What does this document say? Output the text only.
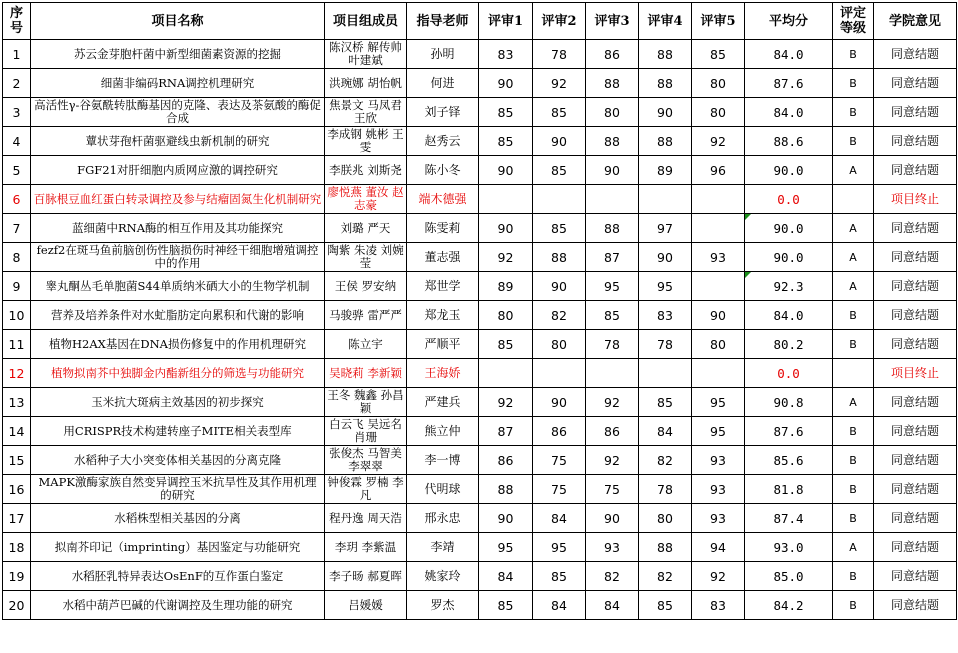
序号	项目名称	项目组成员	指导老师	评审1	评审2	评审3	评审4	评审5	平均分	评定等级	学院意见
1	苏云金芽胞杆菌中新型细菌素资源的挖掘	陈汉桥 解传帅 叶建斌	孙明	83	78	86	88	85	84.0	B	同意结题
2	细菌非编码RNA调控机理研究	洪琬娜 胡怡帆	何进	90	92	88	88	80	87.6	B	同意结题
3	高活性γ-谷氨酰转肽酶基因的克隆、表达及茶氨酸的酶促合成	焦景文 马凤君 王欣	刘子铎	85	85	80	90	80	84.0	B	同意结题
4	蕈状芽孢杆菌驱避线虫新机制的研究	李成钢 姚彬 王雯	赵秀云	85	90	88	88	92	88.6	B	同意结题
5	FGF21对肝细胞内质网应激的调控研究	李朕兆 刘斯尧	陈小冬	90	85	90	89	96	90.0	A	同意结题
6	百脉根豆血红蛋白转录调控及参与结瘤固氮生化机制研究	廖悦燕 董汝 赵志豪	端木德强						0.0		项目终止
7	蓝细菌中RNA酶的相互作用及其功能探究	刘璐 严天	陈雯莉	90	85	88	97		90.0	A	同意结题
8	fezf2在斑马鱼前脑创伤性脑损伤时神经干细胞增殖调控中的作用	陶紫 朱凌 刘婉莹	董志强	92	88	87	90	93	90.0	A	同意结题
9	睾丸酮丛毛单胞菌S44单质纳米硒大小的生物学机制	王侯 罗安纳	郑世学	89	90	95	95		92.3	A	同意结题
10	营养及培养条件对水虻脂肪定向累积和代谢的影响	马骏骅 雷严严	郑龙玉	80	82	85	83	90	84.0	B	同意结题
11	植物H2AX基因在DNA损伤修复中的作用机理研究	陈立宇	严顺平	85	80	78	78	80	80.2	B	同意结题
12	植物拟南芥中独脚金内酯新组分的筛选与功能研究	吴晓莉 李新颖	王海娇						0.0		项目终止
13	玉米抗大斑病主效基因的初步探究	王冬 魏鑫 孙昌颖	严建兵	92	90	92	85	95	90.8	A	同意结题
14	用CRISPR技术构建转座子MITE相关表型库	白云飞 吴远名 肖珊	熊立仲	87	86	86	84	95	87.6	B	同意结题
15	水稻种子大小突变体相关基因的分离克隆	张俊杰 马智美 李翠翠	李一博	86	75	92	82	93	85.6	B	同意结题
16	MAPK激酶家族自然变异调控玉米抗旱性及其作用机理的研究	钟俊霖 罗楠 李凡	代明球	88	75	75	78	93	81.8	B	同意结题
17	水稻株型相关基因的分离	程丹逸 周天浩	邢永忠	90	84	90	80	93	87.4	B	同意结题
18	拟南芥印记（imprinting）基因鉴定与功能研究	李玥 李紫温	李靖	95	95	93	88	94	93.0	A	同意结题
19	水稻胚乳特异表达OsEnF的互作蛋白鉴定	李子旸 郝夏晖	姚家玲	84	85	82	82	92	85.0	B	同意结题
20	水稻中葫芦巴碱的代谢调控及生理功能的研究	吕媛媛	罗杰	85	84	84	85	83	84.2	B	同意结题
